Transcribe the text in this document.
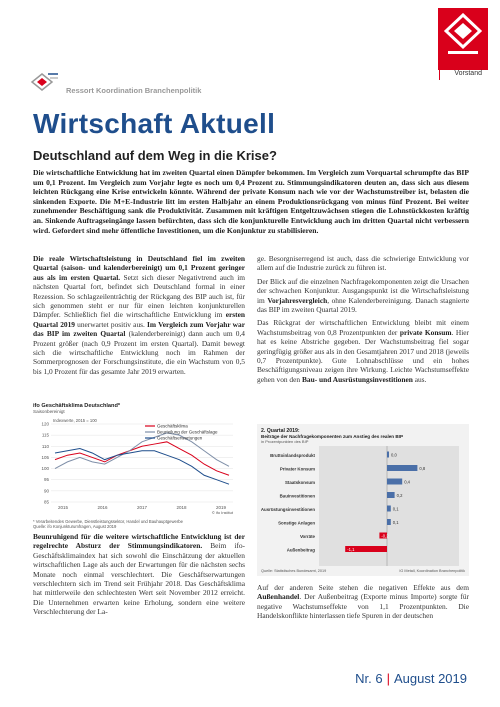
Vorstand
Ressort Koordination Branchenpolitik
Wirtschaft Aktuell
Deutschland auf dem Weg in die Krise?
Die wirtschaftliche Entwicklung hat im zweiten Quartal einen Dämpfer bekommen. Im Vergleich zum Vorquartal schrumpfte das BIP um 0,1 Prozent. Im Vergleich zum Vorjahr legte es noch um 0,4 Prozent zu. Stimmungsindikatoren deuten an, dass sich aus diesem leichten Rückgang eine Krise entwickeln könnte. Während der private Konsum nach wie vor der Wachstumstreiber ist, belasten die sinkenden Exporte. Die M+E-Industrie litt im ersten Halbjahr an einem Produktionsrückgang von minus fünf Prozent. Bei weiter zunehmender Beschäftigung sank die Produktivität. Zusammen mit kräftigen Entgeltzuwächsen stiegen die Lohnstückkosten kräftig an. Sinkende Auftragseingänge lassen befürchten, dass sich die konjunkturelle Entwicklung auch im dritten Quartal nicht verbessern wird. Gefordert sind mehr öffentliche Investitionen, um die Konjunktur zu stabilisieren.

Die reale Wirtschaftsleistung in Deutschland fiel im zweiten Quartal (saison- und kalenderbereinigt) um 0,1 Prozent geringer aus als im ersten Quartal. Setzt sich dieser Negativtrend auch im nächsten Quartal fort, befindet sich Deutschland formal in einer Rezession. So schlagzeilenträchtig der Rückgang des BIP auch ist, für sich genommen steht er nur für einen leichten konjunkturellen Dämpfer. Schließlich fiel die wirtschaftliche Entwicklung im ersten Quartal 2019 unerwartet positiv aus. Im Vergleich zum Vorjahr war das BIP im zweiten Quartal (kalenderbereinigt) dann auch um 0,4 Prozent größer (nach 0,9 Prozent im ersten Quartal). Damit bewegt sich die wirtschaftliche Entwicklung noch im Rahmen der Sommerprognosen der Forschungsinstitute, die ein Wachstum von 0,5 bis 1,0 Prozent für das gesamte Jahr 2019 erwarten.

ifo Geschäftsklima Deutschland*
Saisonbereinigt
Indexwerte, 2015 = 100
120
115
110
105
100
95
90
85
2015	2016	2017	2018	2019
Geschäftsklima
Beurteilung der Geschäftslage
Geschäftserwartungen
© ifo Institut
* Verarbeitendes Gewerbe, Dienstleistungssektor, Handel und Bauhauptgewerbe
Quelle: ifo Konjunkturumfragen, August 2019

Beunruhigend für die weitere wirtschaftliche Entwicklung ist der regelrechte Absturz der Stimmungsindikatoren. Beim ifo-Geschäftsklimaindex hat sich sowohl die Einschätzung der aktuellen wirtschaftlichen Lage als auch der Erwartungen für die nächsten sechs Monate noch einmal verschlechtert. Die Geschäftserwartungen verschlechtern sich im Trend seit Frühjahr 2018. Das Geschäftsklima hat mittlerweile den schlechtesten Wert seit November 2012 erreicht. Die Unternehmen erwarten keine Erholung, sondern eine weitere Verschlechterung der La-

ge. Besorgniserregend ist auch, dass die schwierige Entwicklung vor allem auf die Industrie zurück zu führen ist.

Der Blick auf die einzelnen Nachfragekomponenten zeigt die Ursachen der schwachen Konjunktur. Ausgangspunkt ist die Wirtschaftsleistung im Vorjahresvergleich, ohne Kalenderbereinigung. Danach stagnierte das BIP im zweiten Quartal 2019.

Das Rückgrat der wirtschaftlichen Entwicklung bleibt mit einem Wachstumsbeitrag von 0,8 Prozentpunkten der private Konsum. Hier hat es keine Abstriche gegeben. Der Wachstumsbeitrag fiel sogar geringfügig größer aus als in den Gesamtjahren 2017 und 2018 (jeweils 0,7 Prozentpunkte). Gute Lohnabschlüsse und ein hohes Beschäftigungsniveau zeigen ihre Wirkung. Leichte Wachstumseffekte gehen von den Bau- und Ausrüstungsinvestitionen aus.

2. Quartal 2019:
Beiträge der Nachfragekomponenten zum Anstieg des realen BIP
in Prozentpunkten des BIP
Bruttoinlandsprodukt	0,0
Privater Konsum	0,8
Staatskonsum	0,4
Bauinvestitionen	0,2
Ausrüstungsinvestitionen	0,1
Sonstige Anlagen	0,1
Vorräte	-0,2
Außenbeitrag	-1,1
Quelle: Statistisches Bundesamt, 2019	IG Metall, Koordination Branchenpolitik

Auf der anderen Seite stehen die negativen Effekte aus dem Außenhandel. Der Außenbeitrag (Exporte minus Importe) sorgte für negative Wachstumseffekte von 1,1 Prozentpunkten. Die Handelskonflikte hinterlassen tiefe Spuren in der deutschen

Nr. 6 | August 2019
